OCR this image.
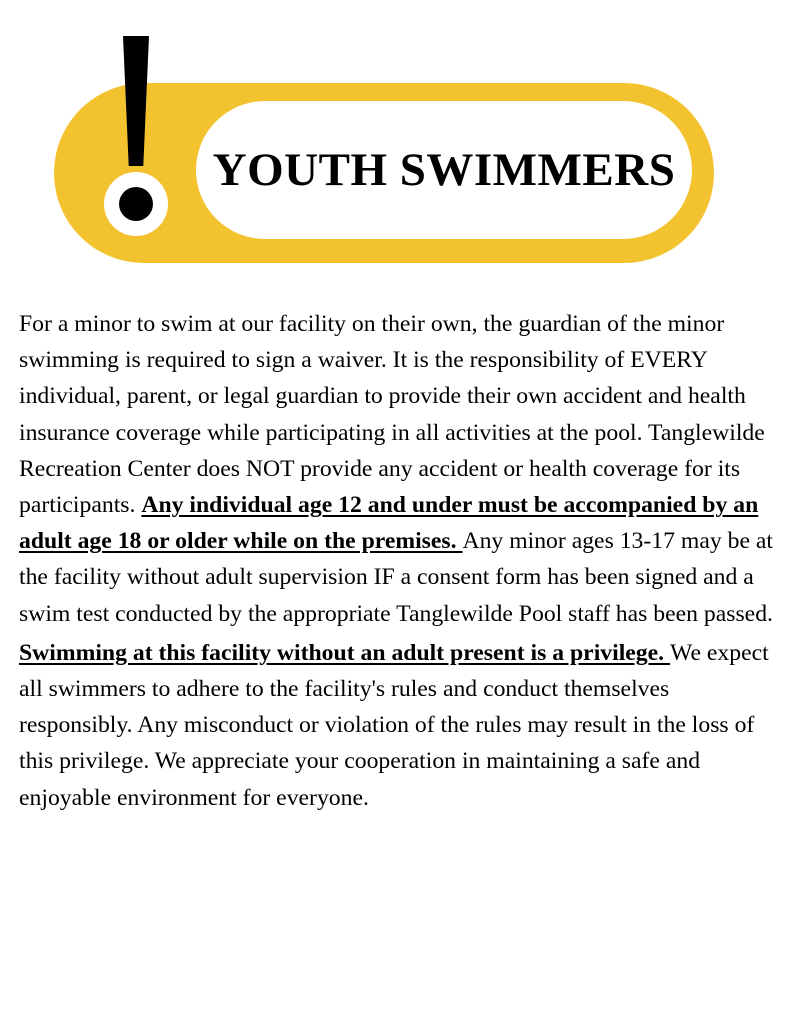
YOUTH SWIMMERS

For a minor to swim at our facility on their own, the guardian of the minor swimming is required to sign a waiver. It is the responsibility of EVERY individual, parent, or legal guardian to provide their own accident and health insurance coverage while participating in all activities at the pool. Tanglewilde Recreation Center does NOT provide any accident or health coverage for its participants. Any individual age 12 and under must be accompanied by an adult age 18 or older while on the premises. Any minor ages 13-17 may be at the facility without adult supervision IF a consent form has been signed and a swim test conducted by the appropriate Tanglewilde Pool staff has been passed.

Swimming at this facility without an adult present is a privilege. We expect all swimmers to adhere to the facility's rules and conduct themselves responsibly. Any misconduct or violation of the rules may result in the loss of this privilege. We appreciate your cooperation in maintaining a safe and enjoyable environment for everyone.
